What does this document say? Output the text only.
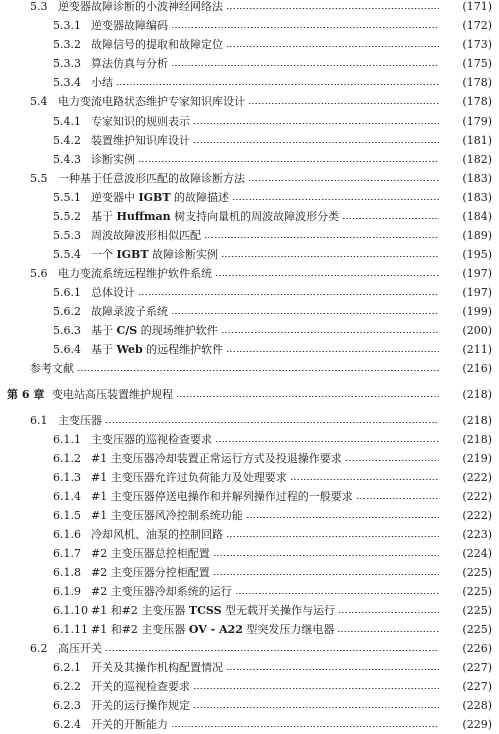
5.3 逆变器故障诊断的小波神经网络法	(171)
5.3.1 逆变器故障编码	(172)
5.3.2 故障信号的提取和故障定位	(173)
5.3.3 算法仿真与分析	(175)
5.3.4 小结	(178)
5.4 电力变流电路状态维护专家知识库设计	(178)
5.4.1 专家知识的规则表示	(179)
5.4.2 装置维护知识库设计	(181)
5.4.3 诊断实例	(182)
5.5 一种基于任意波形匹配的故障诊断方法	(183)
5.5.1 逆变器中 IGBT 的故障描述	(183)
5.5.2 基于 Huffman 树支持向量机的周波故障波形分类	(184)
5.5.3 周波故障波形相似匹配	(189)
5.5.4 一个 IGBT 故障诊断实例	(195)
5.6 电力变流系统远程维护软件系统	(197)
5.6.1 总体设计	(197)
5.6.2 故障录波子系统	(199)
5.6.3 基于 C/S 的现场维护软件	(200)
5.6.4 基于 Web 的远程维护软件	(211)
参考文献	(216)
第 6 章 变电站高压装置维护规程	(218)
6.1 主变压器	(218)
6.1.1 主变压器的巡视检查要求	(218)
6.1.2 #1 主变压器冷却装置正常运行方式及投退操作要求	(219)
6.1.3 #1 主变压器允许过负荷能力及处理要求	(222)
6.1.4 #1 主变压器停送电操作和并解列操作过程的一般要求	(222)
6.1.5 #1 主变压器风冷控制系统功能	(222)
6.1.6 冷却风机、油泵的控制回路	(223)
6.1.7 #2 主变压器总控柜配置	(224)
6.1.8 #2 主变压器分控柜配置	(225)
6.1.9 #2 主变压器冷却系统的运行	(225)
6.1.10 #1 和#2 主变压器 TCSS 型无载开关操作与运行	(225)
6.1.11 #1 和#2 主变压器 OV - A22 型突发压力继电器	(225)
6.2 高压开关	(226)
6.2.1 开关及其操作机构配置情况	(227)
6.2.2 开关的巡视检查要求	(227)
6.2.3 开关的运行操作规定	(228)
6.2.4 开关的开断能力	(229)
